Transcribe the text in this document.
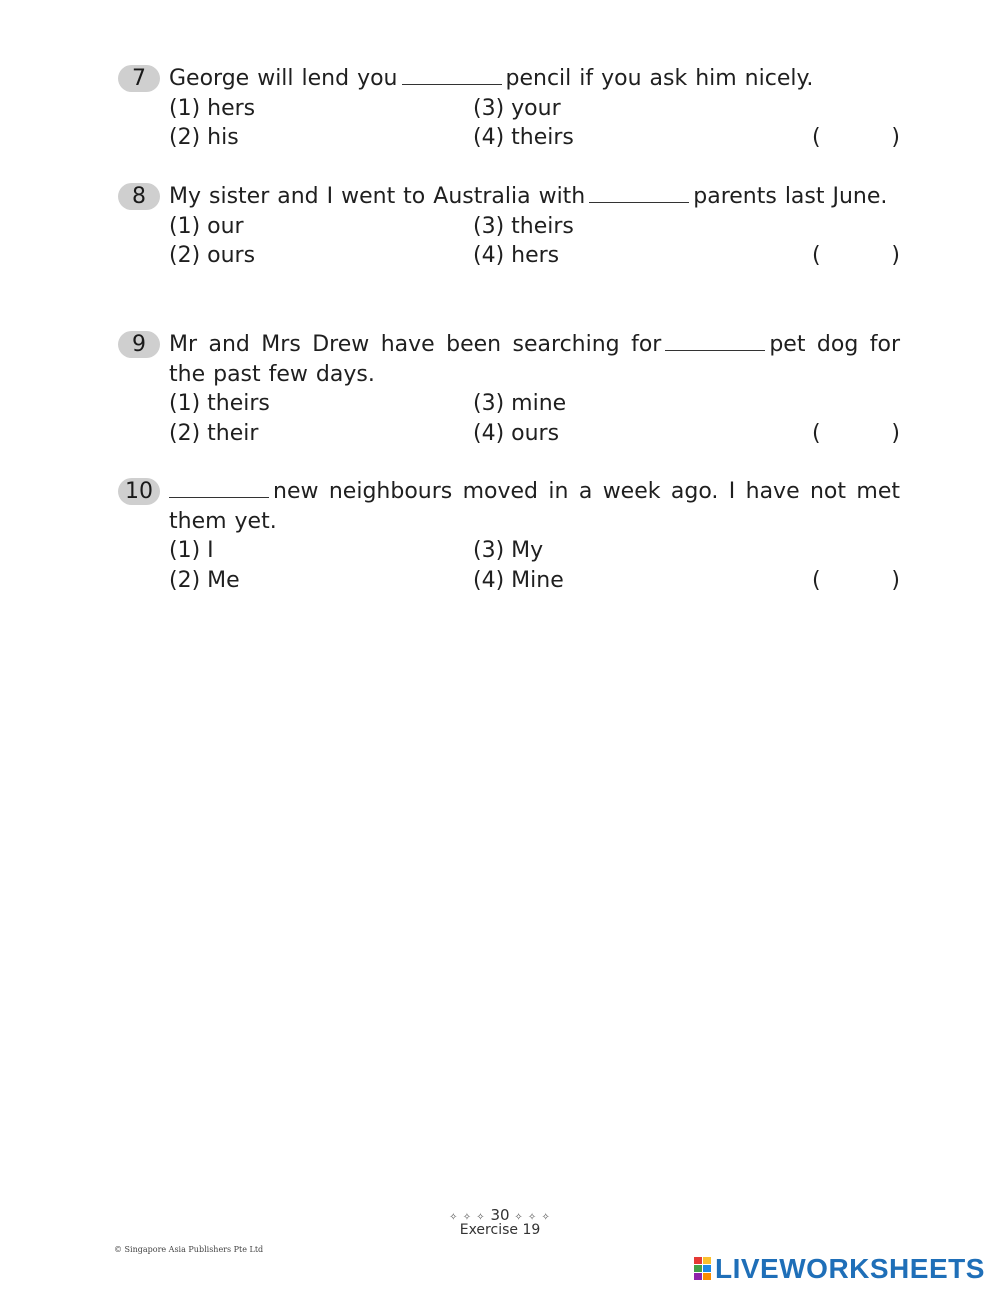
7	George will lend you	pencil if you ask him nicely.
(1) hers	(3) your
(2) his	(4) theirs	(	)
8	My sister and I went to Australia with	parents last June.
(1) our	(3) theirs
(2) ours	(4) hers	(	)
9	Mr and Mrs Drew have been searching for	pet dog for the past few days.
(1) theirs	(3) mine
(2) their	(4) ours	(	)
10	new neighbours moved in a week ago. I have not met them yet.
(1) I	(3) My
(2) Me	(4) Mine	(	)
✧ ✧ ✧ 30 ✧ ✧ ✧
Exercise 19
© Singapore Asia Publishers Pte Ltd
LIVEWORKSHEETS
